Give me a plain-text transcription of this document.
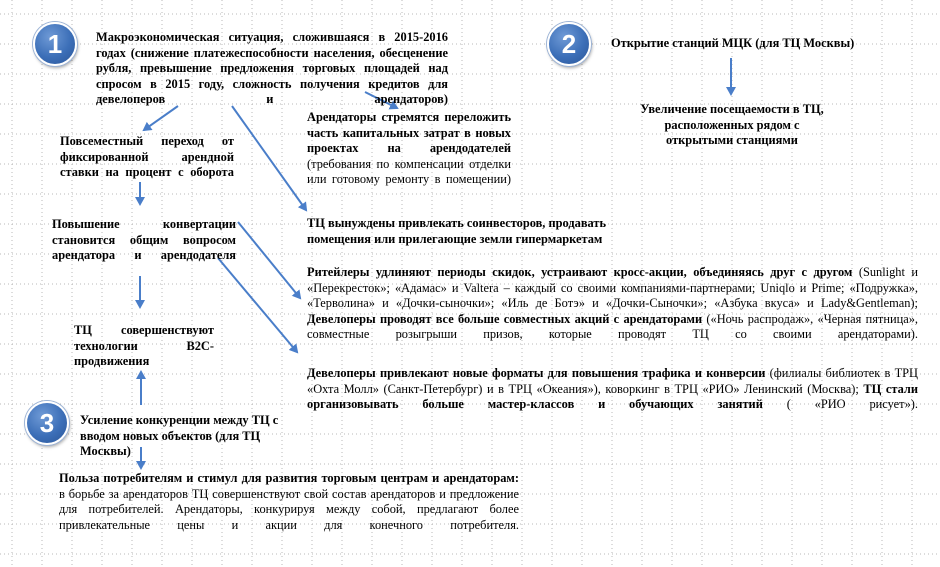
1	2
3

Макроэкономическая ситуация, сложившаяся в 2015-2016 годах (снижение платежеспособности населения, обесценение рубля, превышение предложения торговых площадей над спросом в 2015 году, сложность получения кредитов для девелоперов и арендаторов)

Открытие станций МЦК (для ТЦ Москвы)

Увеличение посещаемости в ТЦ, расположенных рядом с открытыми станциями

Повсеместный переход от фиксированной арендной ставки на процент с оборота

Арендаторы стремятся переложить часть капитальных затрат в новых проектах на арендодателей (требования по компенсации отделки или готовому ремонту в помещении)

Повышение конвертации становится общим вопросом арендатора и арендодателя

ТЦ вынуждены привлекать соинвесторов, продавать помещения или прилегающие земли гипермаркетам

Ритейлеры удлиняют периоды скидок, устраивают кросс-акции, объединяясь друг с другом (Sunlight и «Перекресток»; «Адамас» и Valtera – каждый со своими компаниями-партнерами; Uniqlo и Prime; «Подружка», «Терволина» и «Дочки-сыночки»; «Иль де Ботэ» и «Дочки-Сыночки»; «Азбука вкуса» и Lady&Gentleman); Девелоперы проводят все больше совместных акций с арендаторами («Ночь распродаж», «Черная пятница», совместные розыгрыши призов, которые проводят ТЦ со своими арендаторами).

Девелоперы привлекают новые форматы для повышения трафика и конверсии (филиалы библиотек в ТРЦ «Охта Молл» (Санкт-Петербург) и в ТРЦ «Океания»), коворкинг в ТРЦ «РИО» Ленинский (Москва); ТЦ стали организовывать больше мастер-классов и обучающих занятий ( «РИО рисует»).

ТЦ совершенствуют технологии B2C-продвижения

Усиление конкуренции между ТЦ с вводом новых объектов (для ТЦ Москвы)

Польза потребителям и стимул для развития торговым центрам и арендаторам: в борьбе за арендаторов ТЦ совершенствуют свой состав арендаторов и предложение для потребителей. Арендаторы, конкурируя между собой, предлагают более привлекательные цены и акции для конечного потребителя.
